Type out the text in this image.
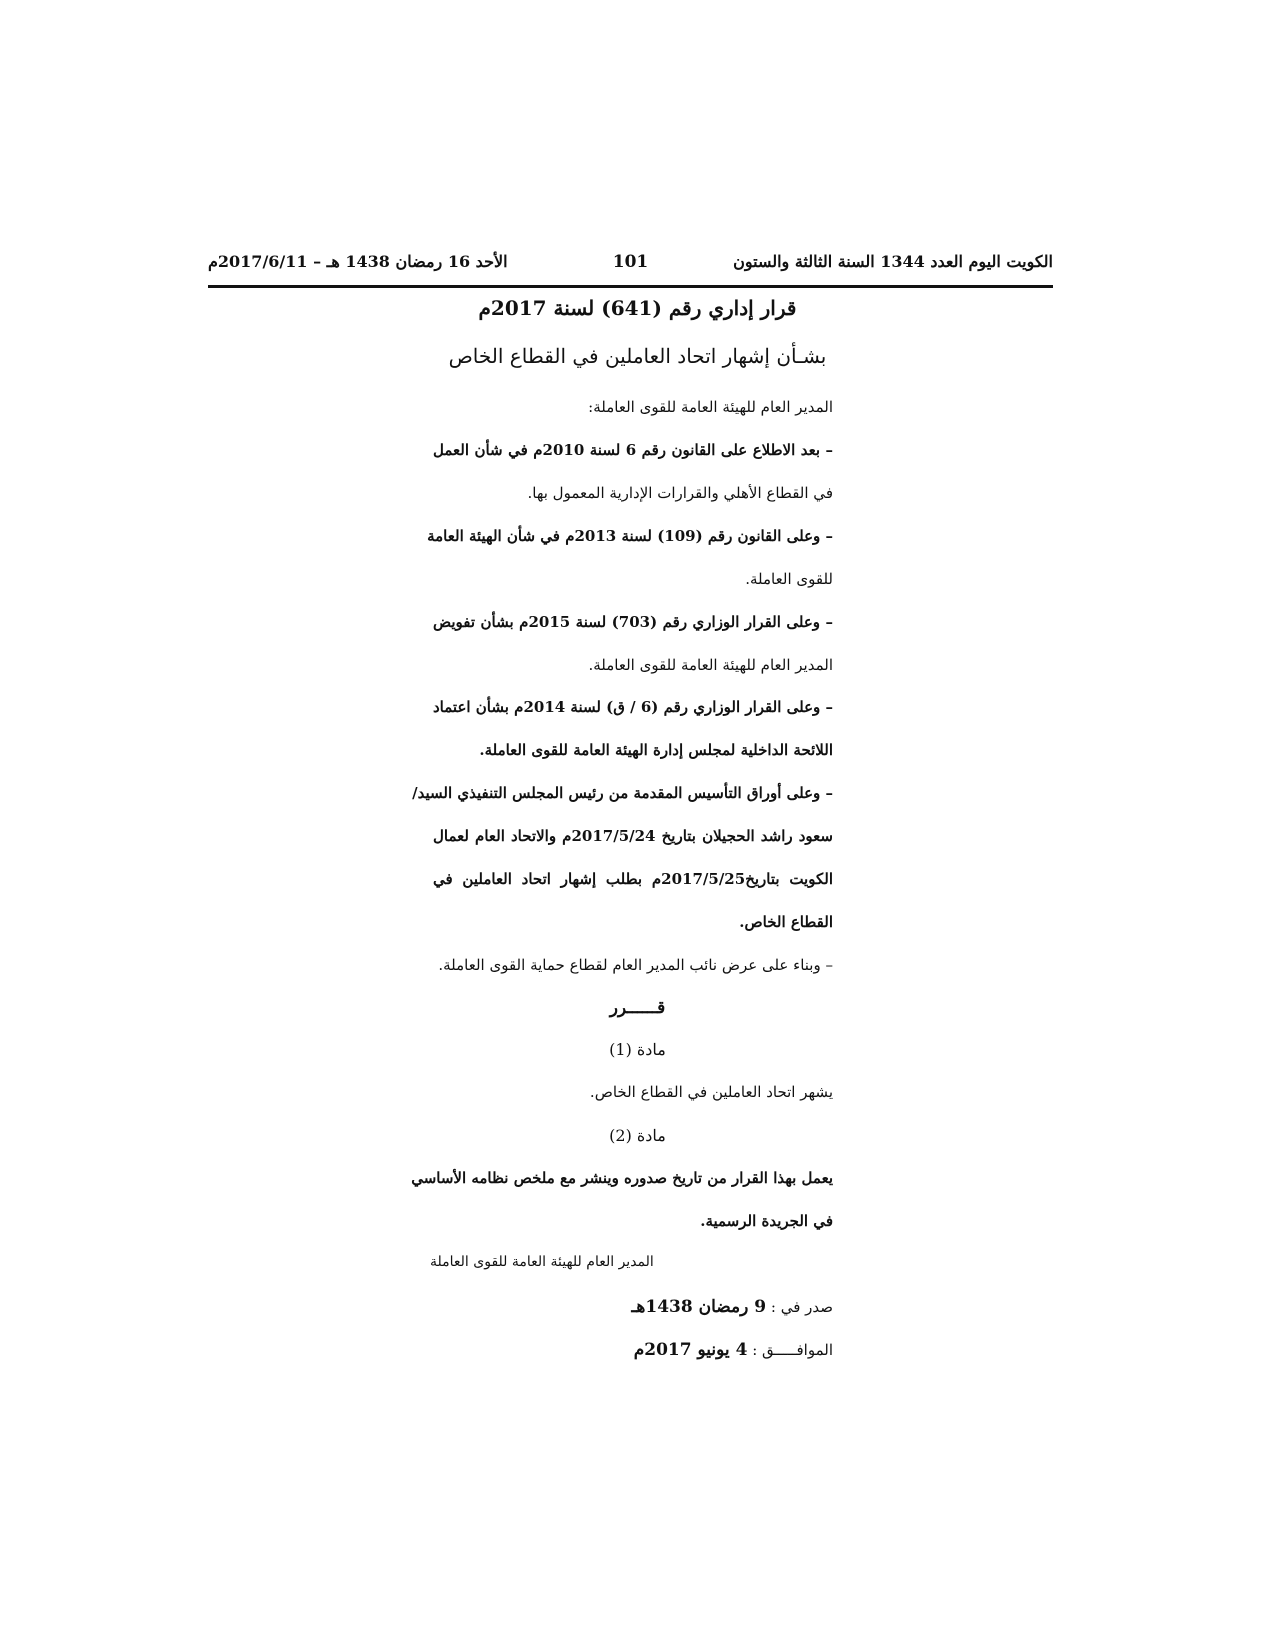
الكويت اليوم العدد 1344 السنة الثالثة والستون
101
الأحد 16 رمضان 1438 هـ – 2017/6/11م
قرار إداري رقم (641) لسنة 2017م
بشـأن إشهار اتحاد العاملين في القطاع الخاص
المدير العام للهيئة العامة للقوى العاملة:
– بعد الاطلاع على القانون رقم 6 لسنة 2010م في شأن العمل
في القطاع الأهلي والقرارات الإدارية المعمول بها.
– وعلى القانون رقم (109) لسنة 2013م في شأن الهيئة العامة
للقوى العاملة.
– وعلى القرار الوزاري رقم (703) لسنة 2015م بشأن تفويض
المدير العام للهيئة العامة للقوى العاملة.
– وعلى القرار الوزاري رقم (6 / ق) لسنة 2014م بشأن اعتماد
اللائحة الداخلية لمجلس إدارة الهيئة العامة للقوى العاملة.
– وعلى أوراق التأسيس المقدمة من رئيس المجلس التنفيذي السيد/
سعود راشد الحجيلان بتاريخ 2017/5/24م والاتحاد العام لعمال
الكويت بتاريخ2017/5/25م بطلب إشهار اتحاد العاملين في
القطاع الخاص.
– وبناء على عرض نائب المدير العام لقطاع حماية القوى العاملة.
قــــــرر
مادة (1)
يشهر اتحاد العاملين في القطاع الخاص.
مادة (2)
يعمل بهذا القرار من تاريخ صدوره وينشر مع ملخص نظامه الأساسي
في الجريدة الرسمية.
المدير العام للهيئة العامة للقوى العاملة
صدر في : 9 رمضان 1438هـ
الموافـــــق : 4 يونيو 2017م
